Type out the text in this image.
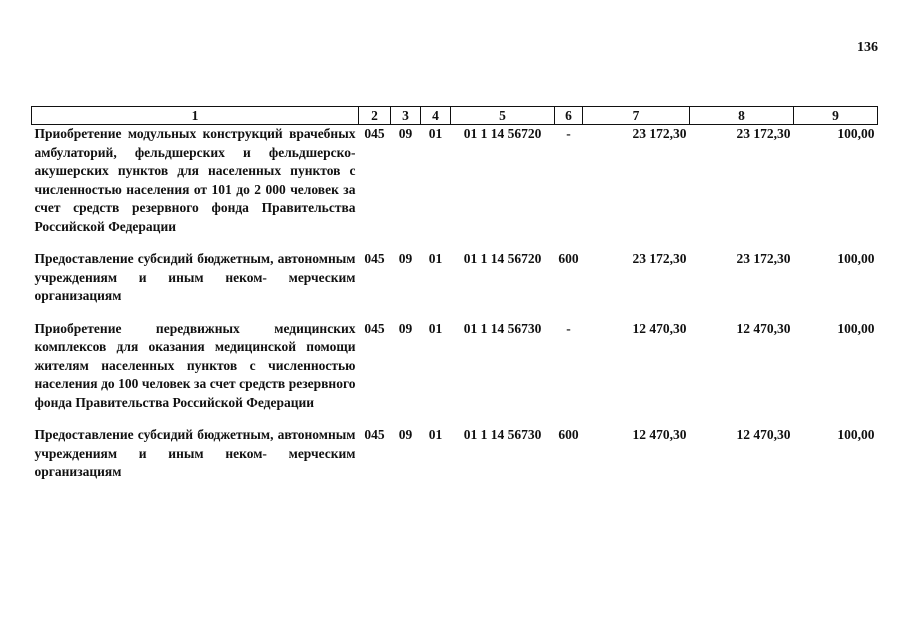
136
1	2	3	4	5	6	7	8	9
Приобретение модульных конструкций врачебных амбулаторий, фельдшерских и фельдшерско-акушерских пунктов для населенных пунктов с численностью населения от 101 до 2 000 человек за счет средств резервного фонда Правительства Российской Федерации	045	09	01	01 1 14 56720	-	23 172,30	23 172,30	100,00

Предоставление субсидий бюджетным, автономным учреждениям и иным неком- мерческим организациям	045	09	01	01 1 14 56720	600	23 172,30	23 172,30	100,00

Приобретение передвижных медицинских комплексов для оказания медицинской помощи жителям населенных пунктов с численностью населения до 100 человек за счет средств резервного фонда Правительства Российской Федерации	045	09	01	01 1 14 56730	-	12 470,30	12 470,30	100,00

Предоставление субсидий бюджетным, автономным учреждениям и иным неком- мерческим организациям	045	09	01	01 1 14 56730	600	12 470,30	12 470,30	100,00
